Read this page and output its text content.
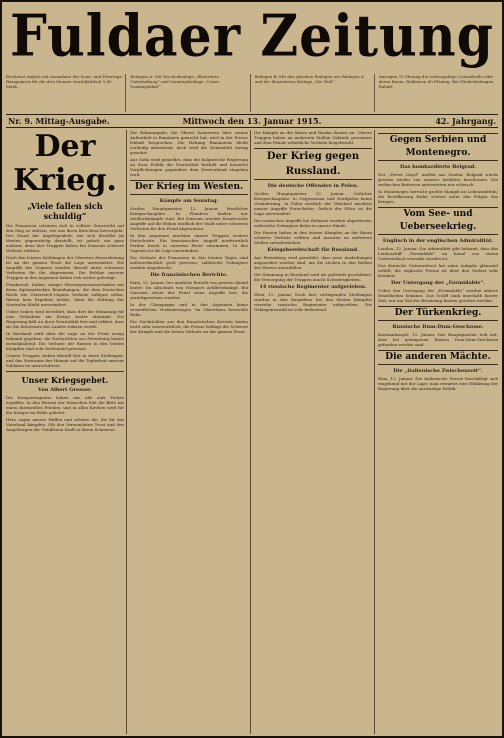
Fuldaer Zeitung
Erscheint täglich mit Ausnahme der Sonn- und Feiertage. Bezugspreis für die drei Monate vierteljährlich 1,80 Mark.
Beilagen A: Mit Wochenbeilage „Illustrierte Unterhaltung“ und Sonntagsbeilage „Unser Sonntagsblatt“.
Beilagen B: Mit den gleichen Beilagen wie Beilagen A und der illustrierten Beilage „Die Welt“.
Anzeigen 15 Pfennig die sechsspaltige Colonelzeile oder deren Raum. Reklamen 40 Pfennig. Bei Wiederholungen Rabatt.
Nr. 9. Mittag-Ausgabe.	Mittwoch den 13. Januar 1915.	42. Jahrgang.
Der Krieg.
„Viele fallen sich schuldig“

Die Franzosen scheinen sich in vollster Zuversicht auf den Sieg zu stützen, wie aus ihren Berichten hervorgeht. Der Stand der Angelegenheit, wie sich dieselbe im Westen gegenwärtig darstellt, ist jedoch ein ganz anderer, denn ihre Truppen haben bei Soissons schwere Verluste erlitten.

Nach den letzten Meldungen der Obersten Heeresleitung ist an der ganzen Front die Lage unverändert. Die Angriffe des Gegners wurden überall unter schweren Verlusten für ihn abgewiesen. Die Erfolge unserer Truppen in den Argonnen haben sich weiter gefestigt.

Frankreich, Italien, einiger Heeresgenossenschaften mit ihren diplomatischen Bemühungen, die dem Deutschen Reich wie Österreich-Ungarn Verluste zufügen sollen, führen kein Ergebnis herbei, denn die Haltung der Neutralen bleibt unverändert.

Ueber Italien wird berichtet, dass dort die Stimmung für eine Teilnahme am Kriege weiter abnimmt. Die Regierung hält an ihrer Neutralität fest und erklärt, dass sie die Interessen des Landes wahren werde.

In Russland wird über die Lage an der Front wenig bekannt gegeben; die Nachrichten aus Petersburg lauten zurückhaltend. Die Verluste der Russen in den letzten Kämpfen sind sehr bedeutend gewesen.

Unsere Truppen stehen überall fest in ihren Stellungen, und das Vertrauen der Heimat auf die Tapferkeit unserer Soldaten ist unerschüttert.

Unser Kriegsgebet.
Von Albert Gresser.

Die Kriegsereignisse haben uns alle aufs Tiefste ergriffen. In den Herzen der Menschen lebt die Bitte um einen ehrenvollen Frieden, und in allen Kirchen wird für die Krieger im Felde gebetet.

Herr, segne unsere Waffen und schütze die, die für das Vaterland kämpfen. Gib den Verwundeten Trost und den Angehörigen der Gefallenen Kraft in ihrem Schmerze.

Die Bekanntgabe, die Oberst Sauerwein über seinen Aufenthalt in Rumänien gemacht hat, wird in der Presse lebhaft besprochen. Die Haltung Rumäniens bleibt vorläufig abwartend, doch wird die Neutralität streng gewahrt.

Aus Sofia wird gemeldet, dass die bulgarische Regierung an ihrer Politik der Neutralität festhält und keinerlei Verpflichtungen gegenüber dem Dreiverband eingehen wird.

Der Krieg im Westen.
Kämpfe am Sonntag.

Großes Hauptquartier, 12. Januar. Westlicher Kriegsschauplatz: In Flandern fanden nur Artilleriekämpfe statt. Bei Soissons wurden französische Angriffe auf die Höhen nördlich der Stadt unter schweren Verlusten für den Feind abgewiesen.

In den Argonnen machten unsere Truppen weitere Fortschritte. Ein französischer Angriff nordwestlich Verdun brach in unserem Feuer zusammen. In den Vogesen ist die Lage unverändert.

Die Verluste der Franzosen in den letzten Tagen sind außerordentlich groß gewesen; zahlreiche Gefangene wurden eingebracht.

Die französischen Berichte.

Paris, 12. Januar. Der amtliche Bericht von gestern Abend lautet: Im Abschnitt von Nieuport Artilleriekampf. Bei Soissons setzte der Feind seine Angriffe fort, die zurückgewiesen wurden.

In der Champagne und in den Argonnen keine wesentlichen Veränderungen. Im Oberelsass herrschte Ruhe.

Die Nachrichten aus den französischen Kreisen lauten nicht sehr zuversichtlich; die Presse beklagt die Schwere der Kämpfe und die hohen Verluste an der ganzen Front.

Die Kämpfe an der Bzura und Rawka dauern an. Unsere Truppen haben an mehreren Stellen Gelände gewonnen und dem Feinde erhebliche Verluste beigebracht.

Der Krieg gegen Russland.
Die deutsche Offensive in Polen.

Großes Hauptquartier, 12. Januar. Östlicher Kriegsschauplatz: In Ostpreussen und Nordpolen keine Veränderung. In Polen westlich der Weichsel machten unsere Angriffe Fortschritte. Östlich der Pilica ist die Lage unverändert.

Die russischen Angriffe bei Bolimow wurden abgewiesen; zahlreiche Gefangene fielen in unsere Hände.

Die Russen haben in den letzten Kämpfen an der Bzura schwere Verluste erlitten und mussten an mehreren Stellen zurückweichen.

Kriegsbereitschaft für Russland.

Aus Petersburg wird gemeldet, dass neue Aushebungen angeordnet worden sind, um die Lücken in den Reihen des Heeres auszufüllen.

Die Stimmung in Russland wird als gedrückt geschildert; die Versorgung der Truppen macht Schwierigkeiten.

14 russische Regimenter aufgerieben.

Wien, 12. Januar. Nach hier vorliegenden Meldungen wurden in den Karpathen bei den letzten Kämpfen vierzehn russische Regimenter aufgerieben. Die Gefangenenzahl ist sehr bedeutend.

Gegen Serbien und Montenegro.
Das bombardierte Belgrad.

Der „Pester Lloyd“ meldet aus Semlin: Belgrad wurde gestern wieder von unserer Artillerie beschossen. Die serbischen Batterien antworteten nur schwach.

In Montenegro herrscht großer Mangel an Lebensmitteln; die Bevölkerung leidet schwer unter den Folgen des Krieges.

Vom See- und Ueberseekrieg.
Englisch in der englischen Admiralität.

London, 12. Januar. Die Admiralität gibt bekannt, dass das Linienschiff „Formidable“ im Kanal von einem Unterseeboot versenkt worden ist.

Das deutsche Unterseeboot hat seine Aufgabe glänzend erfüllt; die englische Presse ist über den Verlust sehr bestürzt.

Der Untergang der „Formidable“.

Ueber den Untergang der „Formidable“ werden nähere Einzelheiten bekannt. Das Schiff sank innerhalb kurzer Zeit; nur ein Teil der Besatzung konnte gerettet werden.

Der Türkenkrieg.
Russische Dum-Dum-Geschosse.

Konstantinopel, 12. Januar. Das Hauptquartier teilt mit, dass bei gefangenen Russen Dum-Dum-Geschosse gefunden worden sind.

Die anderen Mächte.
Die „italienische Zwischenzeit“.

Rom, 12. Januar. Die italienische Presse beschäftigt sich eingehend mit der Lage; man erwartet eine Erklärung der Regierung über die auswärtige Politik.
